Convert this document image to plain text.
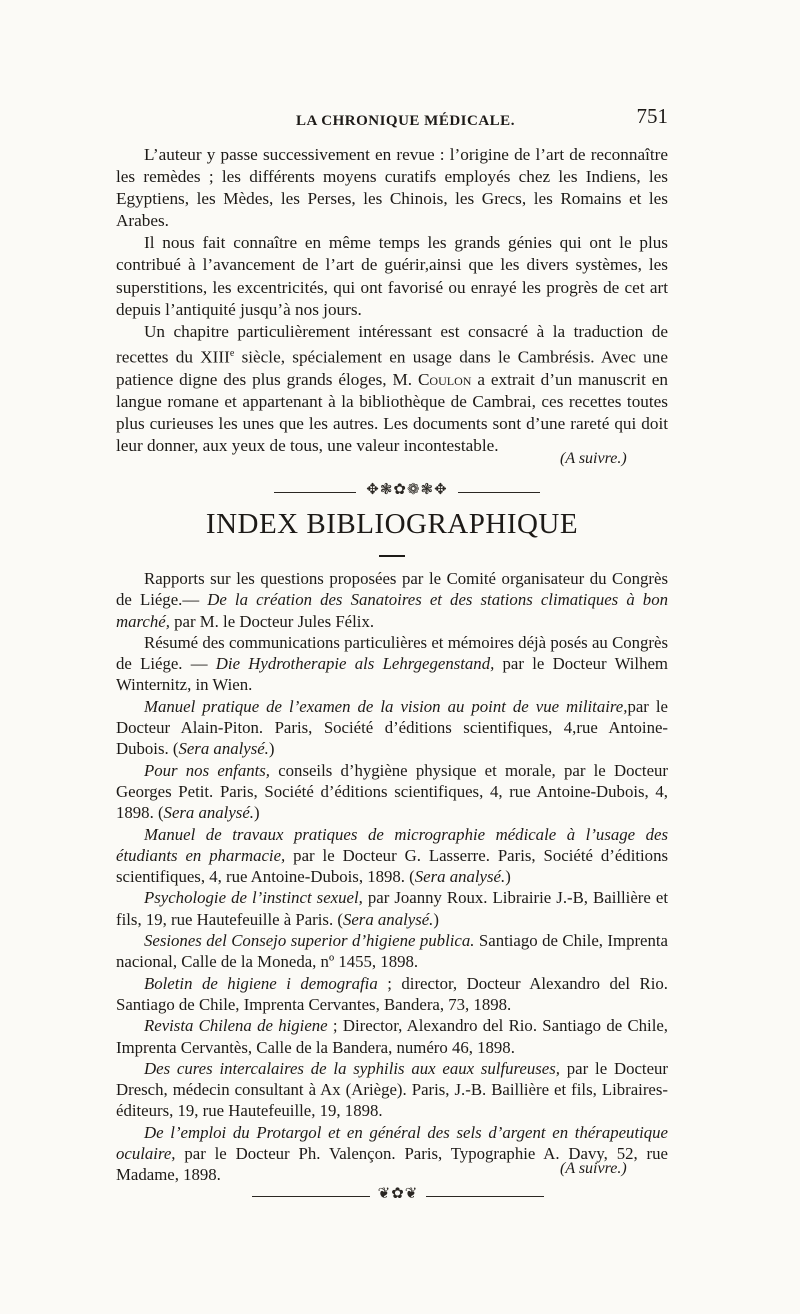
LA CHRONIQUE MÉDICALE.	751

L’auteur y passe successivement en revue : l’origine de l’art de reconnaître les remèdes ; les différents moyens curatifs employés chez les Indiens, les Egyptiens, les Mèdes, les Perses, les Chinois, les Grecs, les Romains et les Arabes.

Il nous fait connaître en même temps les grands génies qui ont le plus contribué à l’avancement de l’art de guérir,ainsi que les divers systèmes, les superstitions, les excentricités, qui ont favorisé ou enrayé les progrès de cet art depuis l’antiquité jusqu’à nos jours.

Un chapitre particulièrement intéressant est consacré à la traduction de recettes du XIIIe siècle, spécialement en usage dans le Cambrésis. Avec une patience digne des plus grands éloges, M. Coulon a extrait d’un manuscrit en langue romane et appartenant à la bibliothèque de Cambrai, ces recettes toutes plus curieuses les unes que les autres. Les documents sont d’une rareté qui doit leur donner, aux yeux de tous, une valeur incontestable.

(A suivre.)
✥❃✿❁❃✥
INDEX BIBLIOGRAPHIQUE

Rapports sur les questions proposées par le Comité organisateur du Congrès de Liége.— De la création des Sanatoires et des stations climatiques à bon marché, par M. le Docteur Jules Félix.

Résumé des communications particulières et mémoires déjà posés au Congrès de Liége. — Die Hydrotherapie als Lehrgegenstand, par le Docteur Wilhem Winternitz, in Wien.

Manuel pratique de l’examen de la vision au point de vue militaire,par le Docteur Alain-Piton. Paris, Société d’éditions scientifiques, 4,rue Antoine-Dubois. (Sera analysé.)

Pour nos enfants, conseils d’hygiène physique et morale, par le Docteur Georges Petit. Paris, Société d’éditions scientifiques, 4, rue Antoine-Dubois, 4, 1898. (Sera analysé.)

Manuel de travaux pratiques de micrographie médicale à l’usage des étudiants en pharmacie, par le Docteur G. Lasserre. Paris, Société d’éditions scientifiques, 4, rue Antoine-Dubois, 1898. (Sera analysé.)

Psychologie de l’instinct sexuel, par Joanny Roux. Librairie J.-B, Baillière et fils, 19, rue Hautefeuille à Paris. (Sera analysé.)

Sesiones del Consejo superior d’higiene publica. Santiago de Chile, Imprenta nacional, Calle de la Moneda, nº 1455, 1898.

Boletin de higiene i demografia ; director, Docteur Alexandro del Rio. Santiago de Chile, Imprenta Cervantes, Bandera, 73, 1898.

Revista Chilena de higiene ; Director, Alexandro del Rio. Santiago de Chile, Imprenta Cervantès, Calle de la Bandera, numéro 46, 1898.

Des cures intercalaires de la syphilis aux eaux sulfureuses, par le Docteur Dresch, médecin consultant à Ax (Ariège). Paris, J.-B. Baillière et fils, Libraires-éditeurs, 19, rue Hautefeuille, 19, 1898.

De l’emploi du Protargol et en général des sels d’argent en thérapeutique oculaire, par le Docteur Ph. Valençon. Paris, Typographie A. Davy, 52, rue Madame, 1898.	(A suivre.)
❦✿❦
